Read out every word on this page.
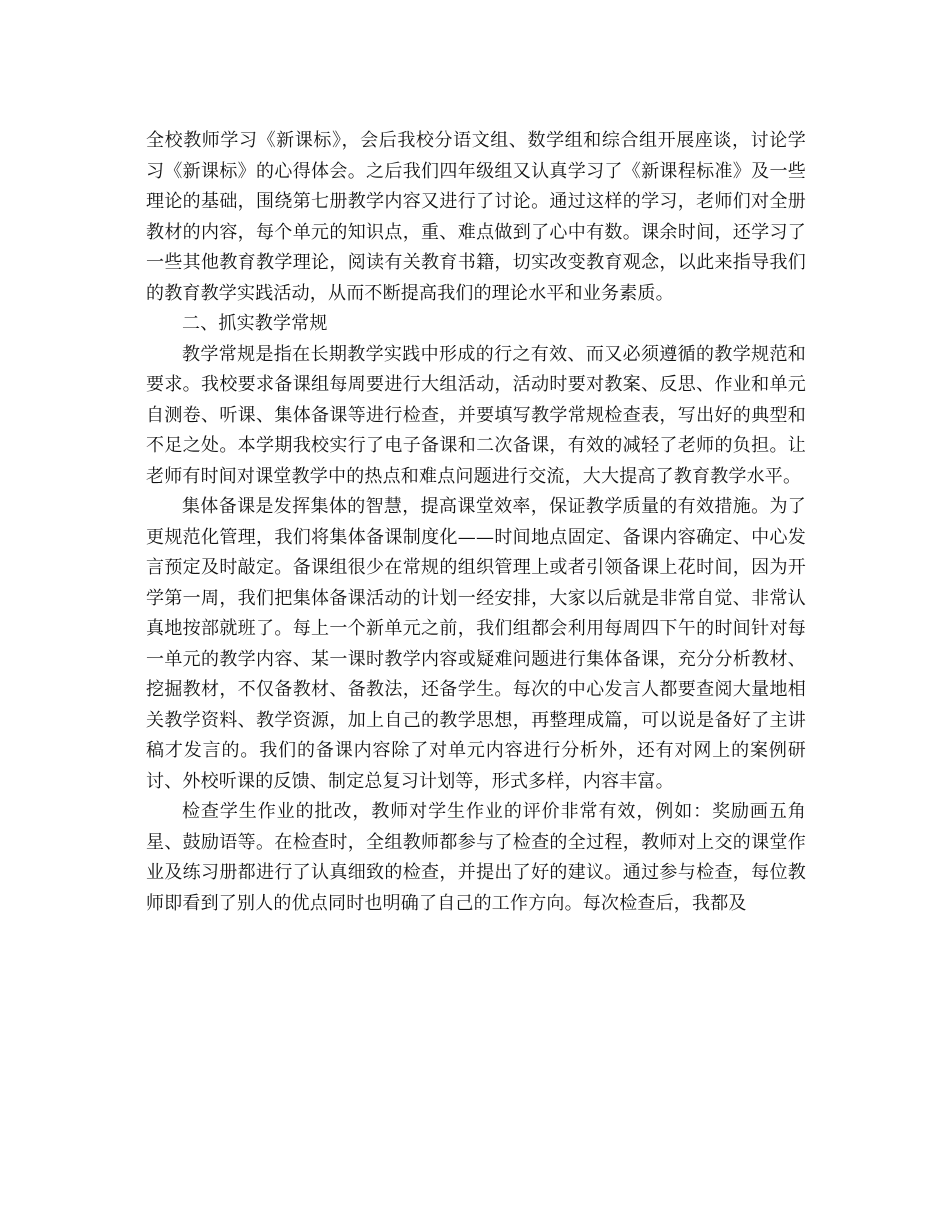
全校教师学习《新课标》，会后我校分语文组、数学组和综合组开展座谈，讨论学习《新课标》的心得体会。之后我们四年级组又认真学习了《新课程标准》及一些理论的基础，围绕第七册教学内容又进行了讨论。通过这样的学习，老师们对全册教材的内容，每个单元的知识点，重、难点做到了心中有数。课余时间，还学习了一些其他教育教学理论，阅读有关教育书籍，切实改变教育观念，以此来指导我们的教育教学实践活动，从而不断提高我们的理论水平和业务素质。

二、抓实教学常规

教学常规是指在长期教学实践中形成的行之有效、而又必须遵循的教学规范和要求。我校要求备课组每周要进行大组活动，活动时要对教案、反思、作业和单元自测卷、听课、集体备课等进行检查，并要填写教学常规检查表，写出好的典型和不足之处。本学期我校实行了电子备课和二次备课，有效的减轻了老师的负担。让老师有时间对课堂教学中的热点和难点问题进行交流，大大提高了教育教学水平。

集体备课是发挥集体的智慧，提高课堂效率，保证教学质量的有效措施。为了更规范化管理，我们将集体备课制度化——时间地点固定、备课内容确定、中心发言预定及时敲定。备课组很少在常规的组织管理上或者引领备课上花时间，因为开学第一周，我们把集体备课活动的计划一经安排，大家以后就是非常自觉、非常认真地按部就班了。每上一个新单元之前，我们组都会利用每周四下午的时间针对每一单元的教学内容、某一课时教学内容或疑难问题进行集体备课，充分分析教材、挖掘教材，不仅备教材、备教法，还备学生。每次的中心发言人都要查阅大量地相关教学资料、教学资源，加上自己的教学思想，再整理成篇，可以说是备好了主讲稿才发言的。我们的备课内容除了对单元内容进行分析外，还有对网上的案例研讨、外校听课的反馈、制定总复习计划等，形式多样，内容丰富。

检查学生作业的批改，教师对学生作业的评价非常有效，例如：奖励画五角星、鼓励语等。在检查时，全组教师都参与了检查的全过程，教师对上交的课堂作业及练习册都进行了认真细致的检查，并提出了好的建议。通过参与检查，每位教师即看到了别人的优点同时也明确了自己的工作方向。每次检查后，我都及
